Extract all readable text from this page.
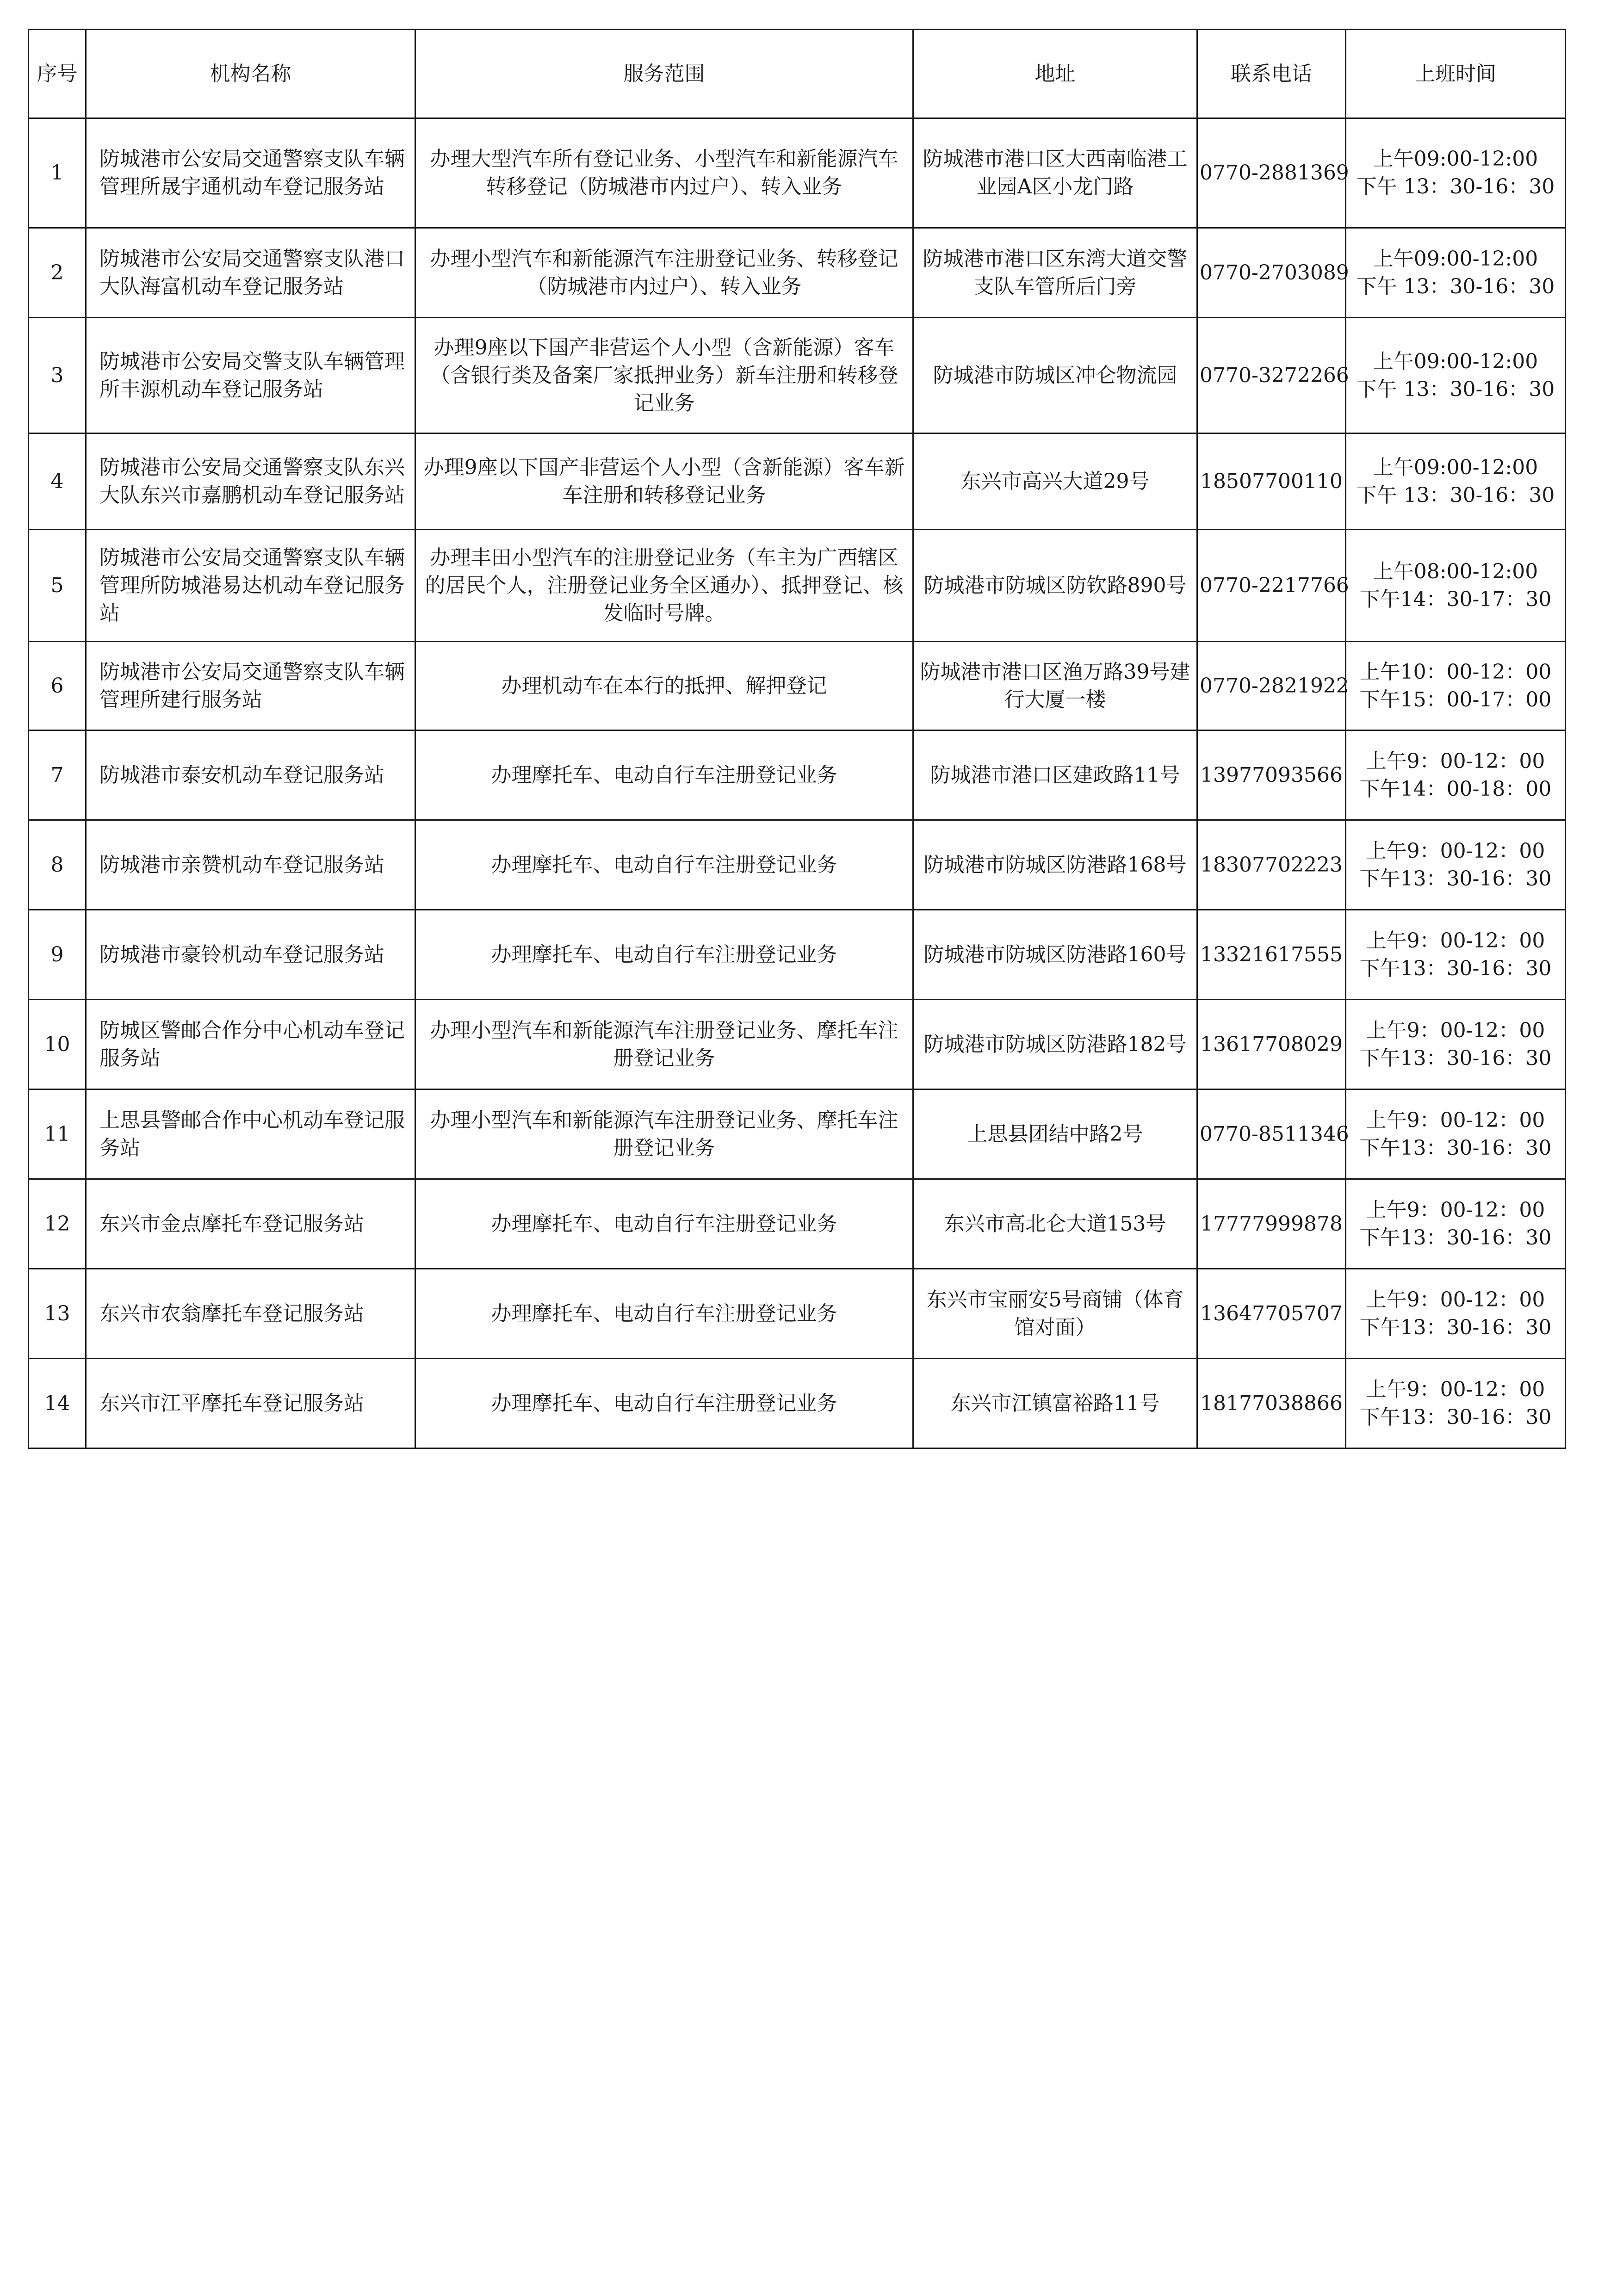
序号	机构名称	服务范围	地址	联系电话	上班时间
1	防城港市公安局交通警察支队车辆管理所晟宇通机动车登记服务站	办理大型汽车所有登记业务、小型汽车和新能源汽车转移登记（防城港市内过户）、转入业务	防城港市港口区大西南临港工业园A区小龙门路	0770-2881369	上午09:00-12:00
下午 13：30-16：30

2	防城港市公安局交通警察支队港口大队海富机动车登记服务站	办理小型汽车和新能源汽车注册登记业务、转移登记（防城港市内过户）、转入业务	防城港市港口区东湾大道交警支队车管所后门旁	0770-2703089	上午09:00-12:00
下午 13：30-16：30

3	防城港市公安局交警支队车辆管理所丰源机动车登记服务站	办理9座以下国产非营运个人小型（含新能源）客车（含银行类及备案厂家抵押业务）新车注册和转移登记业务	防城港市防城区冲仑物流园	0770-3272266	上午09:00-12:00
下午 13：30-16：30

4	防城港市公安局交通警察支队东兴大队东兴市嘉鹏机动车登记服务站	办理9座以下国产非营运个人小型（含新能源）客车新车注册和转移登记业务	东兴市高兴大道29号	18507700110	上午09:00-12:00
下午 13：30-16：30

5	防城港市公安局交通警察支队车辆管理所防城港易达机动车登记服务站	办理丰田小型汽车的注册登记业务（车主为广西辖区的居民个人，注册登记业务全区通办）、抵押登记、核发临时号牌。	防城港市防城区防钦路890号	0770-2217766	上午08:00-12:00
下午14：30-17：30

6	防城港市公安局交通警察支队车辆管理所建行服务站	办理机动车在本行的抵押、解押登记	防城港市港口区渔万路39号建行大厦一楼	0770-2821922	上午10：00-12：00
下午15：00-17：00

7	防城港市泰安机动车登记服务站	办理摩托车、电动自行车注册登记业务	防城港市港口区建政路11号	13977093566	上午9：00-12：00
下午14：00-18：00

8	防城港市亲赞机动车登记服务站	办理摩托车、电动自行车注册登记业务	防城港市防城区防港路168号	18307702223	上午9：00-12：00
下午13：30-16：30

9	防城港市豪铃机动车登记服务站	办理摩托车、电动自行车注册登记业务	防城港市防城区防港路160号	13321617555	上午9：00-12：00
下午13：30-16：30

10	防城区警邮合作分中心机动车登记服务站	办理小型汽车和新能源汽车注册登记业务、摩托车注册登记业务	防城港市防城区防港路182号	13617708029	上午9：00-12：00
下午13：30-16：30

11	上思县警邮合作中心机动车登记服务站	办理小型汽车和新能源汽车注册登记业务、摩托车注册登记业务	上思县团结中路2号	0770-8511346	上午9：00-12：00
下午13：30-16：30

12	东兴市金点摩托车登记服务站	办理摩托车、电动自行车注册登记业务	东兴市高北仑大道153号	17777999878	上午9：00-12：00
下午13：30-16：30

13	东兴市农翁摩托车登记服务站	办理摩托车、电动自行车注册登记业务	东兴市宝丽安5号商铺（体育馆对面）	13647705707	上午9：00-12：00
下午13：30-16：30

14	东兴市江平摩托车登记服务站	办理摩托车、电动自行车注册登记业务	东兴市江镇富裕路11号	18177038866	上午9：00-12：00
下午13：30-16：30
